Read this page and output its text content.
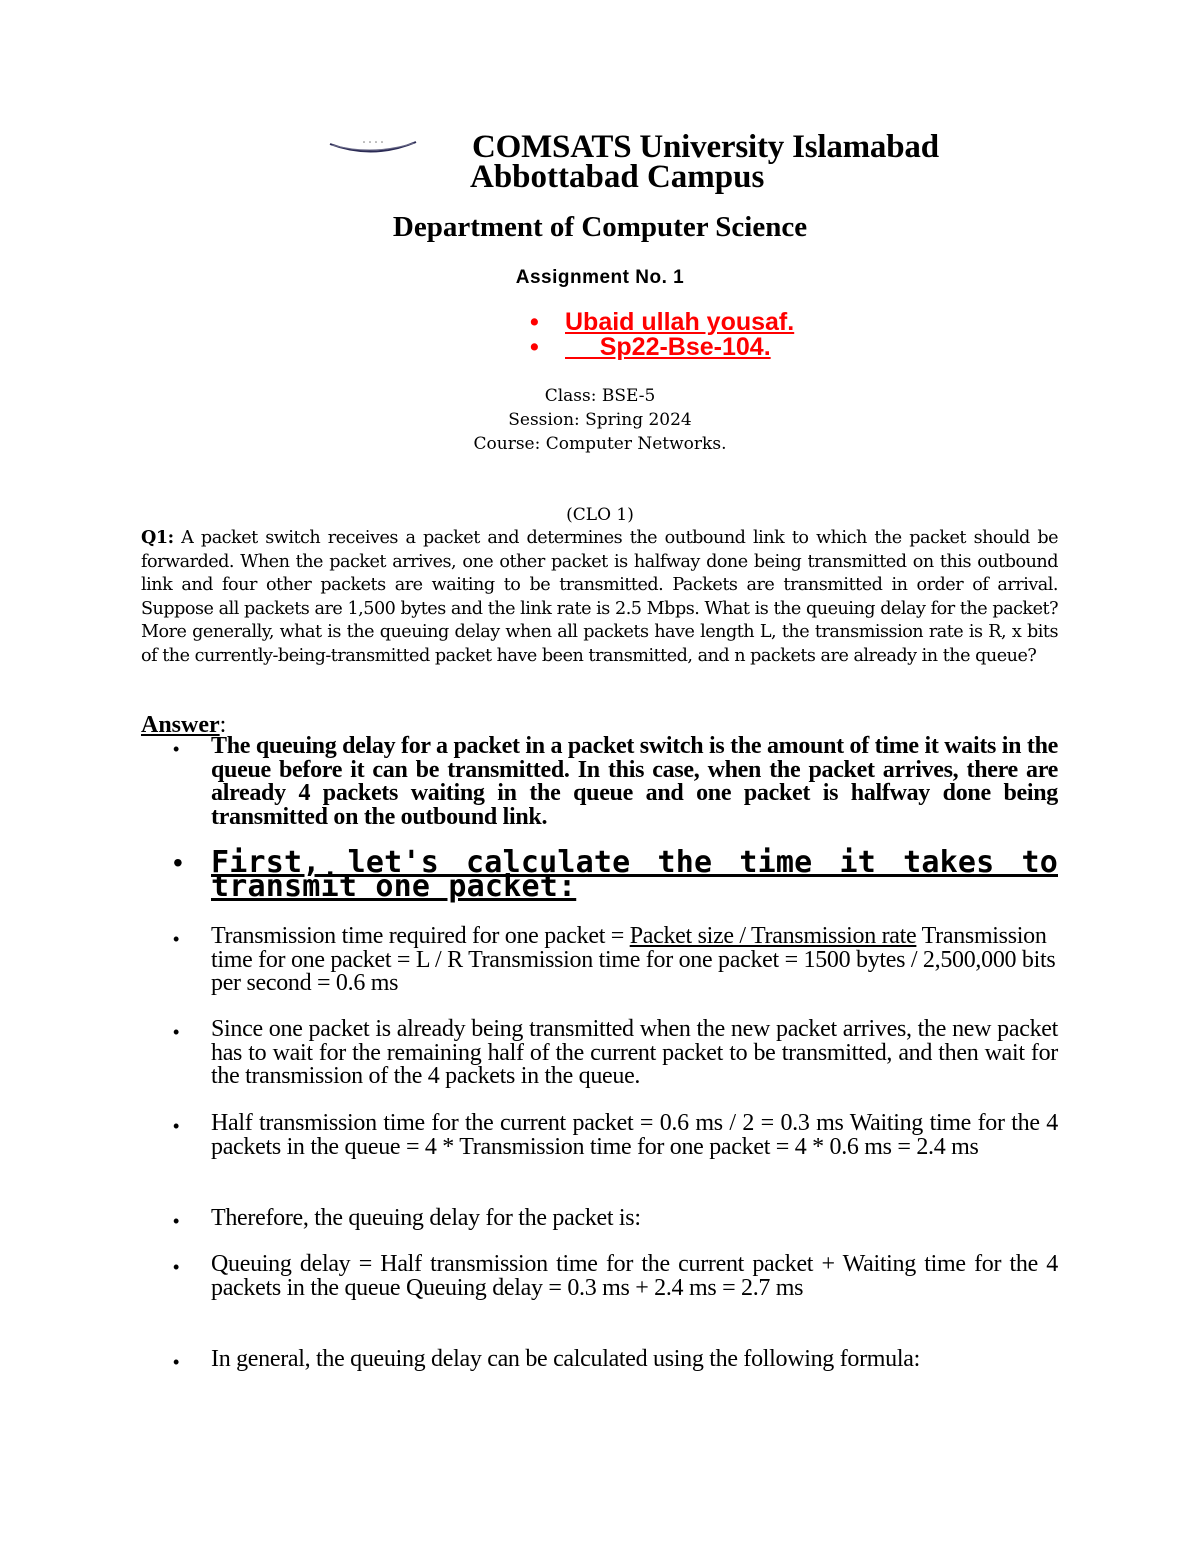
COMSATS University Islamabad
Abbottabad Campus
Department of Computer Science
Assignment No. 1
• Ubaid ullah yousaf.
•      Sp22-Bse-104.
Class: BSE-5
Session: Spring 2024
Course: Computer Networks.
(CLO 1)
Q1: A packet switch receives a packet and determines the outbound link to which the packet should be forwarded. When the packet arrives, one other packet is halfway done being transmitted on this outbound link and four other packets are waiting to be transmitted. Packets are transmitted in order of arrival. Suppose all packets are 1,500 bytes and the link rate is 2.5 Mbps. What is the queuing delay for the packet? More generally, what is the queuing delay when all packets have length L, the transmission rate is R, x bits of the currently-being-transmitted packet have been transmitted, and n packets are already in the queue?
Answer:
• The queuing delay for a packet in a packet switch is the amount of time it waits in the queue before it can be transmitted. In this case, when the packet arrives, there are already 4 packets waiting in the queue and one packet is halfway done being transmitted on the outbound link.
• First, let's calculate the time it takes to transmit one packet:
• Transmission time required for one packet = Packet size / Transmission rate Transmission time for one packet = L / R Transmission time for one packet = 1500 bytes / 2,500,000 bits per second = 0.6 ms
• Since one packet is already being transmitted when the new packet arrives, the new packet has to wait for the remaining half of the current packet to be transmitted, and then wait for the transmission of the 4 packets in the queue.
• Half transmission time for the current packet = 0.6 ms / 2 = 0.3 ms Waiting time for the 4 packets in the queue = 4 * Transmission time for one packet = 4 * 0.6 ms = 2.4 ms
• Therefore, the queuing delay for the packet is:
• Queuing delay = Half transmission time for the current packet + Waiting time for the 4 packets in the queue Queuing delay = 0.3 ms + 2.4 ms = 2.7 ms
• In general, the queuing delay can be calculated using the following formula:
